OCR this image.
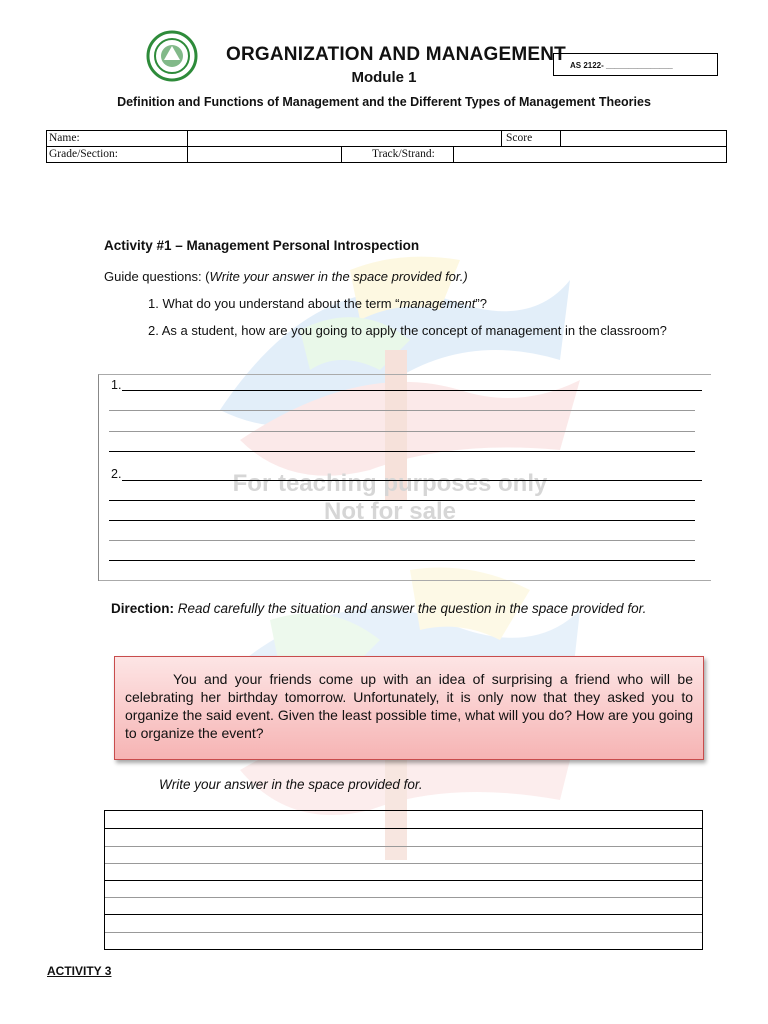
For teaching purposes only
Not for sale
ORGANIZATION AND MANAGEMENT
Module 1
Definition and Functions of Management and the Different Types of Management Theories
AS 2122- _______________
Name:				Score	
Grade/Section:		Track/Strand:			
Activity #1 – Management Personal Introspection
Guide questions: (Write your answer in the space provided for.)
1. What do you understand about the term “management”?
2. As a student, how are you going to apply the concept of management in the classroom?
1.
2.
Direction: Read carefully the situation and answer the question in the space provided for.
You and your friends come up with an idea of surprising a friend who will be celebrating her birthday tomorrow. Unfortunately, it is only now that they asked you to organize the said event. Given the least possible time, what will you do? How are you going to organize the event?
Write your answer in the space provided for.
ACTIVITY 3
